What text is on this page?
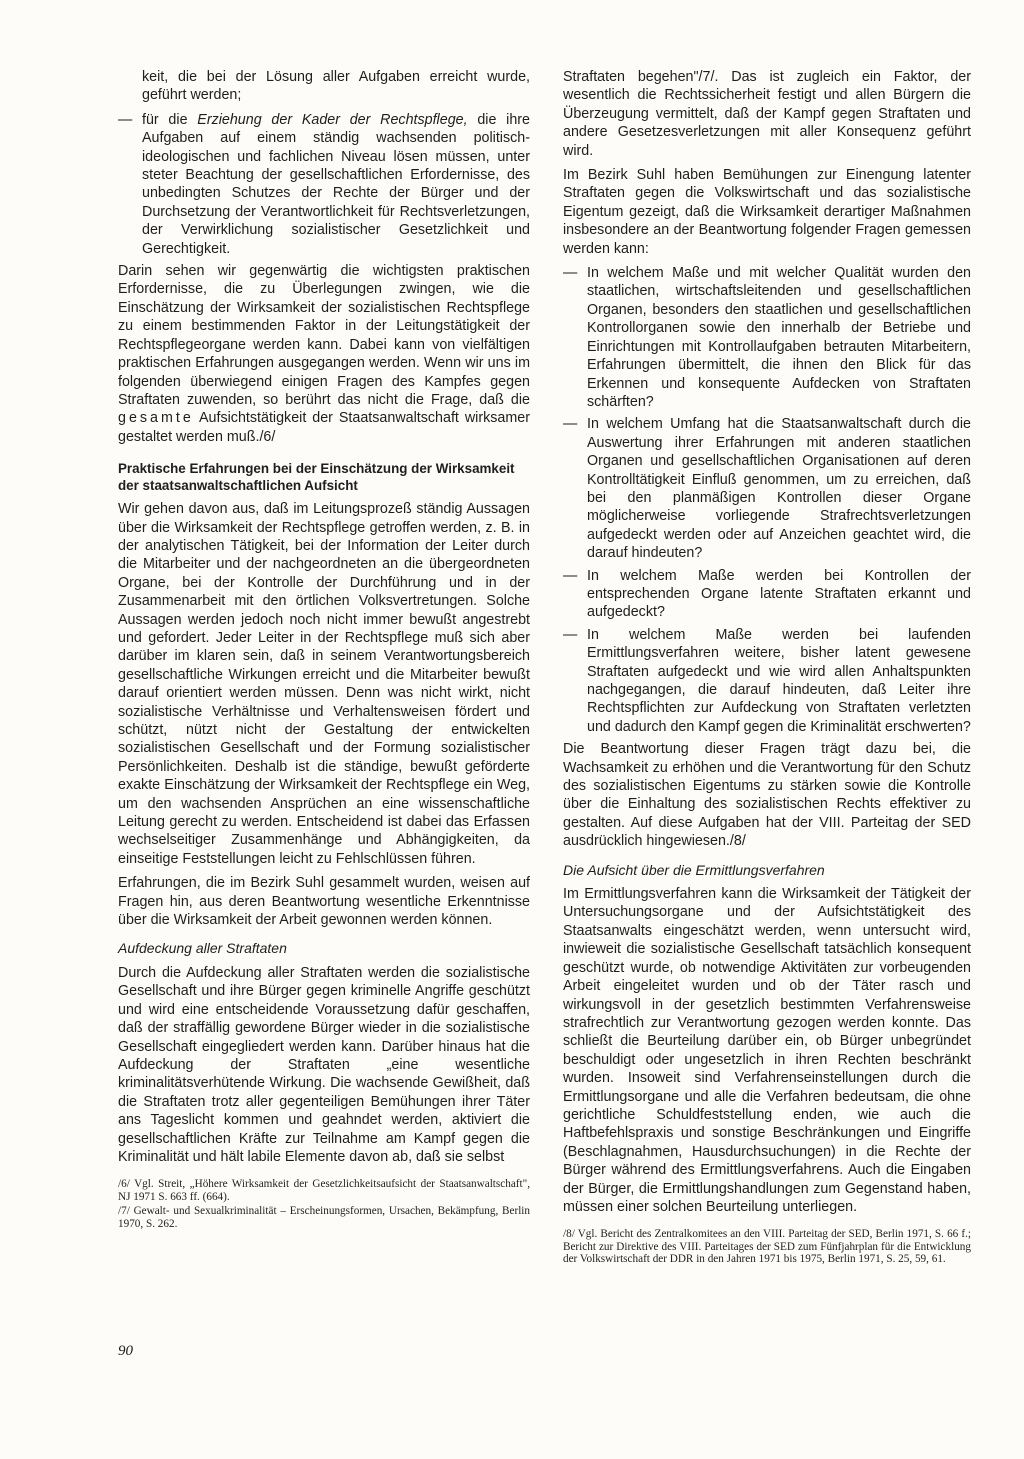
keit, die bei der Lösung aller Aufgaben erreicht wurde, geführt werden;

— für die Erziehung der Kader der Rechtspflege, die ihre Aufgaben auf einem ständig wachsenden politisch-ideologischen und fachlichen Niveau lösen müssen, unter steter Beachtung der gesellschaftlichen Erfordernisse, des unbedingten Schutzes der Rechte der Bürger und der Durchsetzung der Verantwortlichkeit für Rechtsverletzungen, der Verwirklichung sozialistischer Gesetzlichkeit und Gerechtigkeit.

Darin sehen wir gegenwärtig die wichtigsten praktischen Erfordernisse, die zu Überlegungen zwingen, wie die Einschätzung der Wirksamkeit der sozialistischen Rechtspflege zu einem bestimmenden Faktor in der Leitungstätigkeit der Rechtspflegeorgane werden kann. Dabei kann von vielfältigen praktischen Erfahrungen ausgegangen werden. Wenn wir uns im folgenden überwiegend einigen Fragen des Kampfes gegen Straftaten zuwenden, so berührt das nicht die Frage, daß die gesamte Aufsichtstätigkeit der Staatsanwaltschaft wirksamer gestaltet werden muß./6/

Praktische Erfahrungen bei der Einschätzung der Wirksamkeit der staatsanwaltschaftlichen Aufsicht

Wir gehen davon aus, daß im Leitungsprozeß ständig Aussagen über die Wirksamkeit der Rechtspflege getroffen werden, z. B. in der analytischen Tätigkeit, bei der Information der Leiter durch die Mitarbeiter und der nachgeordneten an die übergeordneten Organe, bei der Kontrolle der Durchführung und in der Zusammenarbeit mit den örtlichen Volksvertretungen. Solche Aussagen werden jedoch noch nicht immer bewußt angestrebt und gefordert. Jeder Leiter in der Rechtspflege muß sich aber darüber im klaren sein, daß in seinem Verantwortungsbereich gesellschaftliche Wirkungen erreicht und die Mitarbeiter bewußt darauf orientiert werden müssen. Denn was nicht wirkt, nicht sozialistische Verhältnisse und Verhaltensweisen fördert und schützt, nützt nicht der Gestaltung der entwickelten sozialistischen Gesellschaft und der Formung sozialistischer Persönlichkeiten. Deshalb ist die ständige, bewußt geförderte exakte Einschätzung der Wirksamkeit der Rechtspflege ein Weg, um den wachsenden Ansprüchen an eine wissenschaftliche Leitung gerecht zu werden. Entscheidend ist dabei das Erfassen wechselseitiger Zusammenhänge und Abhängigkeiten, da einseitige Feststellungen leicht zu Fehlschlüssen führen.

Erfahrungen, die im Bezirk Suhl gesammelt wurden, weisen auf Fragen hin, aus deren Beantwortung wesentliche Erkenntnisse über die Wirksamkeit der Arbeit gewonnen werden können.

Aufdeckung aller Straftaten

Durch die Aufdeckung aller Straftaten werden die sozialistische Gesellschaft und ihre Bürger gegen kriminelle Angriffe geschützt und wird eine entscheidende Voraussetzung dafür geschaffen, daß der straffällig gewordene Bürger wieder in die sozialistische Gesellschaft eingegliedert werden kann. Darüber hinaus hat die Aufdeckung der Straftaten „eine wesentliche kriminalitätsverhütende Wirkung. Die wachsende Gewißheit, daß die Straftaten trotz aller gegenteiligen Bemühungen ihrer Täter ans Tageslicht kommen und geahndet werden, aktiviert die gesellschaftlichen Kräfte zur Teilnahme am Kampf gegen die Kriminalität und hält labile Elemente davon ab, daß sie selbst

/6/ Vgl. Streit, „Höhere Wirksamkeit der Gesetzlichkeitsaufsicht der Staatsanwaltschaft", NJ 1971 S. 663 ff. (664).

/7/ Gewalt- und Sexualkriminalität – Erscheinungsformen, Ursachen, Bekämpfung, Berlin 1970, S. 262.

Straftaten begehen"/7/. Das ist zugleich ein Faktor, der wesentlich die Rechtssicherheit festigt und allen Bürgern die Überzeugung vermittelt, daß der Kampf gegen Straftaten und andere Gesetzesverletzungen mit aller Konsequenz geführt wird.

Im Bezirk Suhl haben Bemühungen zur Einengung latenter Straftaten gegen die Volkswirtschaft und das sozialistische Eigentum gezeigt, daß die Wirksamkeit derartiger Maßnahmen insbesondere an der Beantwortung folgender Fragen gemessen werden kann:

— In welchem Maße und mit welcher Qualität wurden den staatlichen, wirtschaftsleitenden und gesellschaftlichen Organen, besonders den staatlichen und gesellschaftlichen Kontrollorganen sowie den innerhalb der Betriebe und Einrichtungen mit Kontrollaufgaben betrauten Mitarbeitern, Erfahrungen übermittelt, die ihnen den Blick für das Erkennen und konsequente Aufdecken von Straftaten schärften?
— In welchem Umfang hat die Staatsanwaltschaft durch die Auswertung ihrer Erfahrungen mit anderen staatlichen Organen und gesellschaftlichen Organisationen auf deren Kontrolltätigkeit Einfluß genommen, um zu erreichen, daß bei den planmäßigen Kontrollen dieser Organe möglicherweise vorliegende Strafrechtsverletzungen aufgedeckt werden oder auf Anzeichen geachtet wird, die darauf hindeuten?
— In welchem Maße werden bei Kontrollen der entsprechenden Organe latente Straftaten erkannt und aufgedeckt?
— In welchem Maße werden bei laufenden Ermittlungsverfahren weitere, bisher latent gewesene Straftaten aufgedeckt und wie wird allen Anhaltspunkten nachgegangen, die darauf hindeuten, daß Leiter ihre Rechtspflichten zur Aufdeckung von Straftaten verletzten und dadurch den Kampf gegen die Kriminalität erschwerten?

Die Beantwortung dieser Fragen trägt dazu bei, die Wachsamkeit zu erhöhen und die Verantwortung für den Schutz des sozialistischen Eigentums zu stärken sowie die Kontrolle über die Einhaltung des sozialistischen Rechts effektiver zu gestalten. Auf diese Aufgaben hat der VIII. Parteitag der SED ausdrücklich hingewiesen./8/

Die Aufsicht über die Ermittlungsverfahren

Im Ermittlungsverfahren kann die Wirksamkeit der Tätigkeit der Untersuchungsorgane und der Aufsichtstätigkeit des Staatsanwalts eingeschätzt werden, wenn untersucht wird, inwieweit die sozialistische Gesellschaft tatsächlich konsequent geschützt wurde, ob notwendige Aktivitäten zur vorbeugenden Arbeit eingeleitet wurden und ob der Täter rasch und wirkungsvoll in der gesetzlich bestimmten Verfahrensweise strafrechtlich zur Verantwortung gezogen werden konnte. Das schließt die Beurteilung darüber ein, ob Bürger unbegründet beschuldigt oder ungesetzlich in ihren Rechten beschränkt wurden. Insoweit sind Verfahrenseinstellungen durch die Ermittlungsorgane und alle die Verfahren bedeutsam, die ohne gerichtliche Schuldfeststellung enden, wie auch die Haftbefehlspraxis und sonstige Beschränkungen und Eingriffe (Beschlagnahmen, Hausdurchsuchungen) in die Rechte der Bürger während des Ermittlungsverfahrens. Auch die Eingaben der Bürger, die Ermittlungshandlungen zum Gegenstand haben, müssen einer solchen Beurteilung unterliegen.

/8/ Vgl. Bericht des Zentralkomitees an den VIII. Parteitag der SED, Berlin 1971, S. 66 f.; Bericht zur Direktive des VIII. Parteitages der SED zum Fünfjahrplan für die Entwicklung der Volkswirtschaft der DDR in den Jahren 1971 bis 1975, Berlin 1971, S. 25, 59, 61.

90
